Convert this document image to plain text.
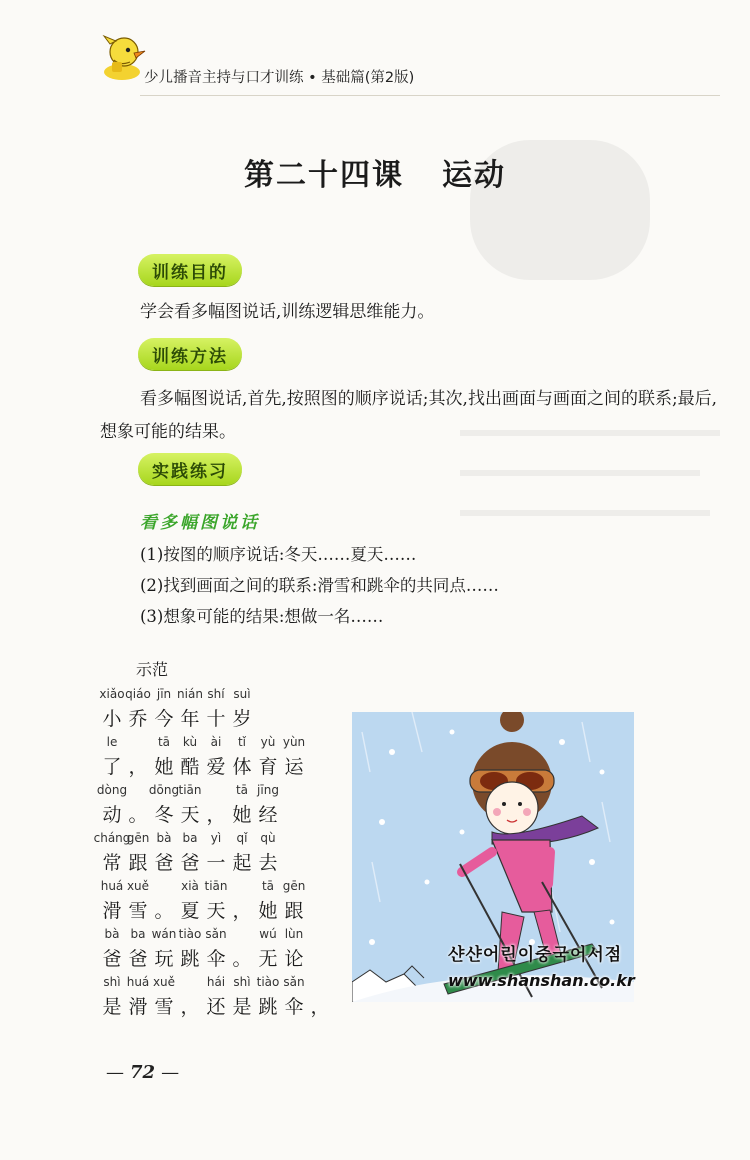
少儿播音主持与口才训练 • 基础篇(第2版)
第二十四课 运动
训练目的
学会看多幅图说话,训练逻辑思维能力。
训练方法
看多幅图说话,首先,按照图的顺序说话;其次,找出画面与画面之间的联系;最后,想象可能的结果。
实践练习
看多幅图说话
(1)按图的顺序说话:冬天……夏天……
(2)找到画面之间的联系:滑雪和跳伞的共同点……
(3)想象可能的结果:想做一名……
示范
小
xiǎo
乔
qiáo
今
jīn
年
nián
十
shí
岁
suì
了
le
， 她
tā
酷
kù
爱
ài
体
tǐ
育
yù
运
yùn
动
dòng
。 冬
dōng
天
tiān
， 她
tā
经
jīng
常
cháng
跟
gēn
爸
bà
爸
ba
一
yì
起
qǐ
去
qù
滑
huá
雪
xuě
。 夏
xià
天
tiān
， 她
tā
跟
gēn
爸
bà
爸
ba
玩
wán
跳
tiào
伞
sǎn
。 无
wú
论
lùn
是
shì
滑
huá
雪
xuě
， 还
hái
是
shì
跳
tiào
伞
sǎn
，
샨샨어린이중국어서점
www.shanshan.co.kr
— 72 —
